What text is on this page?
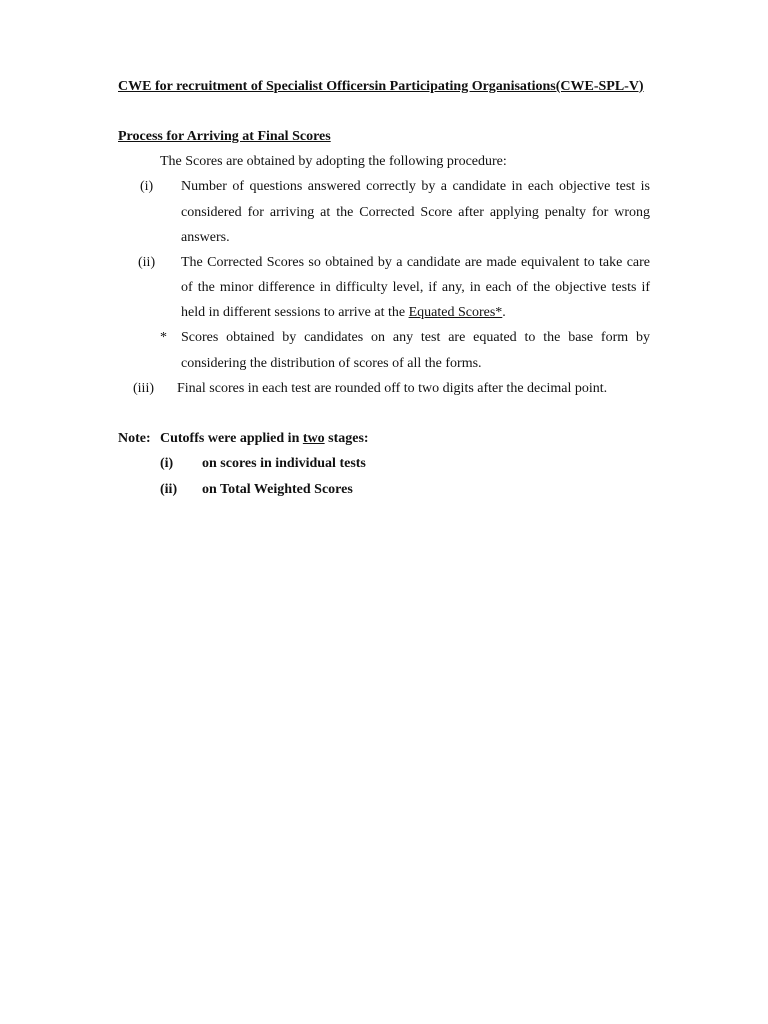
CWE for recruitment of Specialist Officersin Participating Organisations(CWE-SPL-V)
Process for Arriving at Final Scores
The Scores are obtained by adopting the following procedure:
(i) Number of questions answered correctly by a candidate in each objective test is
considered for arriving at the Corrected Score after applying penalty for wrong
answers.
(ii) The Corrected Scores so obtained by a candidate are made equivalent to take care
of the minor difference in difficulty level, if any, in each of the objective tests if
held in different sessions to arrive at the Equated Scores*.
* Scores obtained by candidates on any test are equated to the base form by
considering the distribution of scores of all the forms.
(iii) Final scores in each test are rounded off to two digits after the decimal point.
Note: Cutoffs were applied in two stages:
(i) on scores in individual tests
(ii) on Total Weighted Scores
